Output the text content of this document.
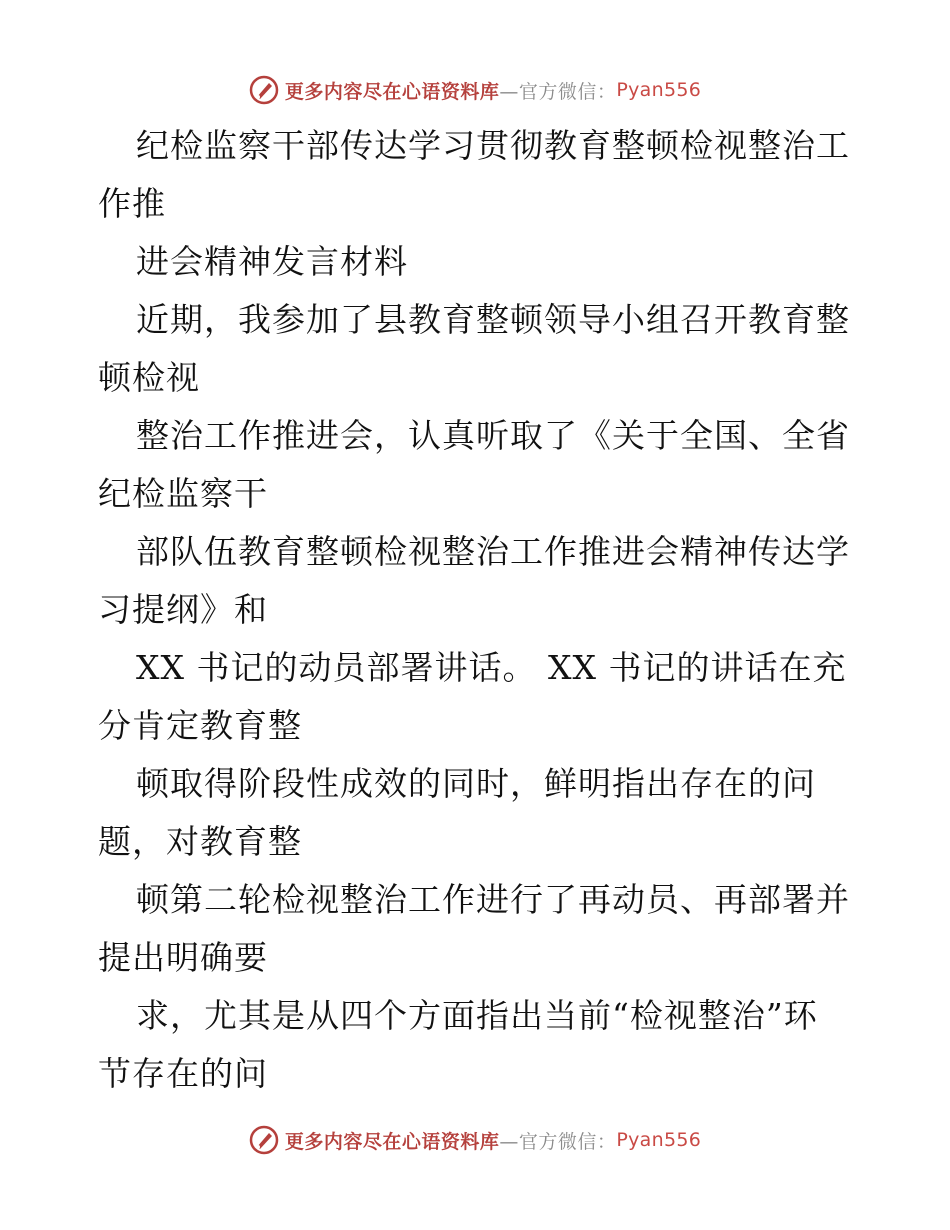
更多内容尽在心语资料库 —官方微信： Pyan556
纪检监察干部传达学习贯彻教育整顿检视整治工
作推
进会精神发言材料
近期，我参加了县教育整顿领导小组召开教育整
顿检视
整治工作推进会，认真听取了《关于全国、全省
纪检监察干
部队伍教育整顿检视整治工作推进会精神传达学
习提纲》和
XX 书记的动员部署讲话。 XX 书记的讲话在充
分肯定教育整
顿取得阶段性成效的同时，鲜明指出存在的问
题，对教育整
顿第二轮检视整治工作进行了再动员、再部署并
提出明确要
求，尤其是从四个方面指出当前“检视整治”环
节存在的问
更多内容尽在心语资料库 —官方微信： Pyan556
